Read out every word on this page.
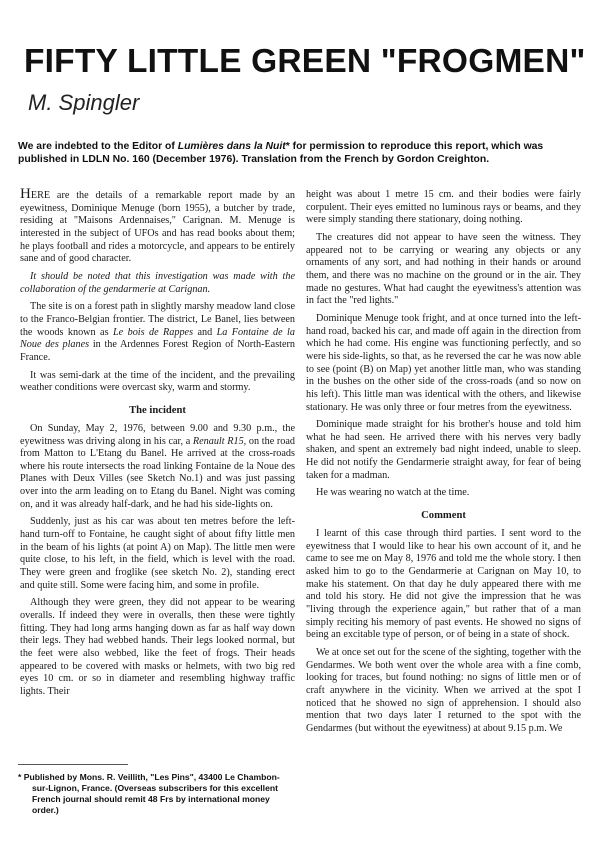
FIFTY LITTLE GREEN "FROGMEN"
M. Spingler
We are indebted to the Editor of Lumières dans la Nuit* for permission to reproduce this report, which was published in LDLN No. 160 (December 1976). Translation from the French by Gordon Creighton.

HERE are the details of a remarkable report made by an eyewitness, Dominique Menuge (born 1955), a butcher by trade, residing at "Maisons Ardennaises," Carignan. M. Menuge is interested in the subject of UFOs and has read books about them; he plays football and rides a motorcycle, and appears to be entirely sane and of good character.

It should be noted that this investigation was made with the collaboration of the gendarmerie at Carignan.

The site is on a forest path in slightly marshy meadow land close to the Franco-Belgian frontier. The district, Le Banel, lies between the woods known as Le bois de Rappes and La Fontaine de la Noue des planes in the Ardennes Forest Region of North-Eastern France.

It was semi-dark at the time of the incident, and the prevailing weather conditions were overcast sky, warm and stormy.

The incident

On Sunday, May 2, 1976, between 9.00 and 9.30 p.m., the eyewitness was driving along in his car, a Renault R15, on the road from Matton to L'Etang du Banel. He arrived at the cross-roads where his route intersects the road linking Fontaine de la Noue des Planes with Deux Villes (see Sketch No.1) and was just passing over into the arm leading on to Etang du Banel. Night was coming on, and it was already half-dark, and he had his side-lights on.

Suddenly, just as his car was about ten metres before the left-hand turn-off to Fontaine, he caught sight of about fifty little men in the beam of his lights (at point A) on Map). The little men were quite close, to his left, in the field, which is level with the road. They were green and froglike (see sketch No. 2), standing erect and quite still. Some were facing him, and some in profile.

Although they were green, they did not appear to be wearing overalls. If indeed they were in overalls, then these were tightly fitting. They had long arms hanging down as far as half way down their legs. They had webbed hands. Their legs looked normal, but the feet were also webbed, like the feet of frogs. Their heads appeared to be covered with masks or helmets, with two big red eyes 10 cm. or so in diameter and resembling highway traffic lights. Their

height was about 1 metre 15 cm. and their bodies were fairly corpulent. Their eyes emitted no luminous rays or beams, and they were simply standing there stationary, doing nothing.

The creatures did not appear to have seen the witness. They appeared not to be carrying or wearing any objects or any ornaments of any sort, and had nothing in their hands or around them, and there was no machine on the ground or in the air. They made no gestures. What had caught the eyewitness's attention was in fact the "red lights."

Dominique Menuge took fright, and at once turned into the left-hand road, backed his car, and made off again in the direction from which he had come. His engine was functioning perfectly, and so were his side-lights, so that, as he reversed the car he was now able to see (point (B) on Map) yet another little man, who was standing in the bushes on the other side of the cross-roads (and so now on his left). This little man was identical with the others, and likewise stationary. He was only three or four metres from the eyewitness.

Dominique made straight for his brother's house and told him what he had seen. He arrived there with his nerves very badly shaken, and spent an extremely bad night indeed, unable to sleep. He did not notify the Gendarmerie straight away, for fear of being taken for a madman.

He was wearing no watch at the time.

Comment

I learnt of this case through third parties. I sent word to the eyewitness that I would like to hear his own account of it, and he came to see me on May 8, 1976 and told me the whole story. I then asked him to go to the Gendarmerie at Carignan on May 10, to make his statement. On that day he duly appeared there with me and told his story. He did not give the impression that he was "living through the experience again," but rather that of a man simply reciting his memory of past events. He showed no signs of being an excitable type of person, or of being in a state of shock.

We at once set out for the scene of the sighting, together with the Gendarmes. We both went over the whole area with a fine comb, looking for traces, but found nothing: no signs of little men or of craft anywhere in the vicinity. When we arrived at the spot I noticed that he showed no sign of apprehension. I should also mention that two days later I returned to the spot with the Gendarmes (but without the eyewitness) at about 9.15 p.m. We

* Published by Mons. R. Veillith, "Les Pins", 43400 Le Chambon-sur-Lignon, France. (Overseas subscribers for this excellent French journal should remit 48 Frs by international money order.)
